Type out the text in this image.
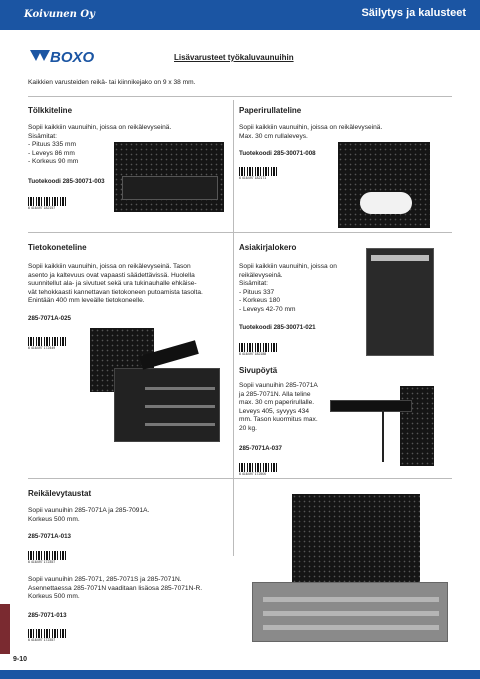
Koivunen Oy	Säilytys ja kalusteet
BOXO	Lisävarusteet työkaluvaunuihin
Kaikkien varusteiden reikä- tai kiinnikejako on 9 x 38 mm.
Tölkkiteline
Sopii kaikkiin vaunuihin, joissa on reikälevyseinä.
Sisämitat:
- Pituus 335 mm
- Leveys 86 mm
- Korkeus 90 mm
Tuotekoodi 285-30071-003
6 416497 182157
Paperirullateline
Sopii kaikkiin vaunuihin, joissa on reikälevyseinä.
Max. 30 cm rullaleveys.
Tuotekoodi 285-30071-008
6 416497 182171
Tietokoneteline
Sopii kaikkiin vaunuihin, joissa on reikälevyseinä. Tason
asento ja kaltevuus ovat vapaasti säädettävissä. Huolella
suunnitellut ala- ja sivutuet sekä ura tukinauhalle ehkäise-
vät tehokkaasti kannettavan tietokoneen putoamista tasolta.
Enintään 400 mm leveälle tietokoneelle.
285-7071A-025
6 416497 172449
Asiakirjalokero
Sopii kaikkiin vaunuihin, joissa on
reikälevyseinä.
Sisämitat:
- Pituus 337
- Korkeus 180
- Leveys 42-70 mm
Tuotekoodi 285-30071-021
6 416497 182188
Sivupöytä
Sopii vaunuihin 285-7071A
ja 285-7071N. Alla teline
max. 30 cm paperirullalle.
Leveys 405, syvyys 434
mm. Tason kuormitus max.
20 kg.
285-7071A-037
6 416497 172500
Reikälevytaustat
Sopii vaunuihin 285-7071A ja 285-7091A.
Korkeus 500 mm.
285-7071A-013
6 416497 172357
Sopii vaunuihin 285-7071, 285-7071S ja 285-7071N.
Asennettaessa 285-7071N vaaditaan lisäosa 285-7071N-R.
Korkeus 500 mm.
285-7071-013
6 416497 172357
9-10
